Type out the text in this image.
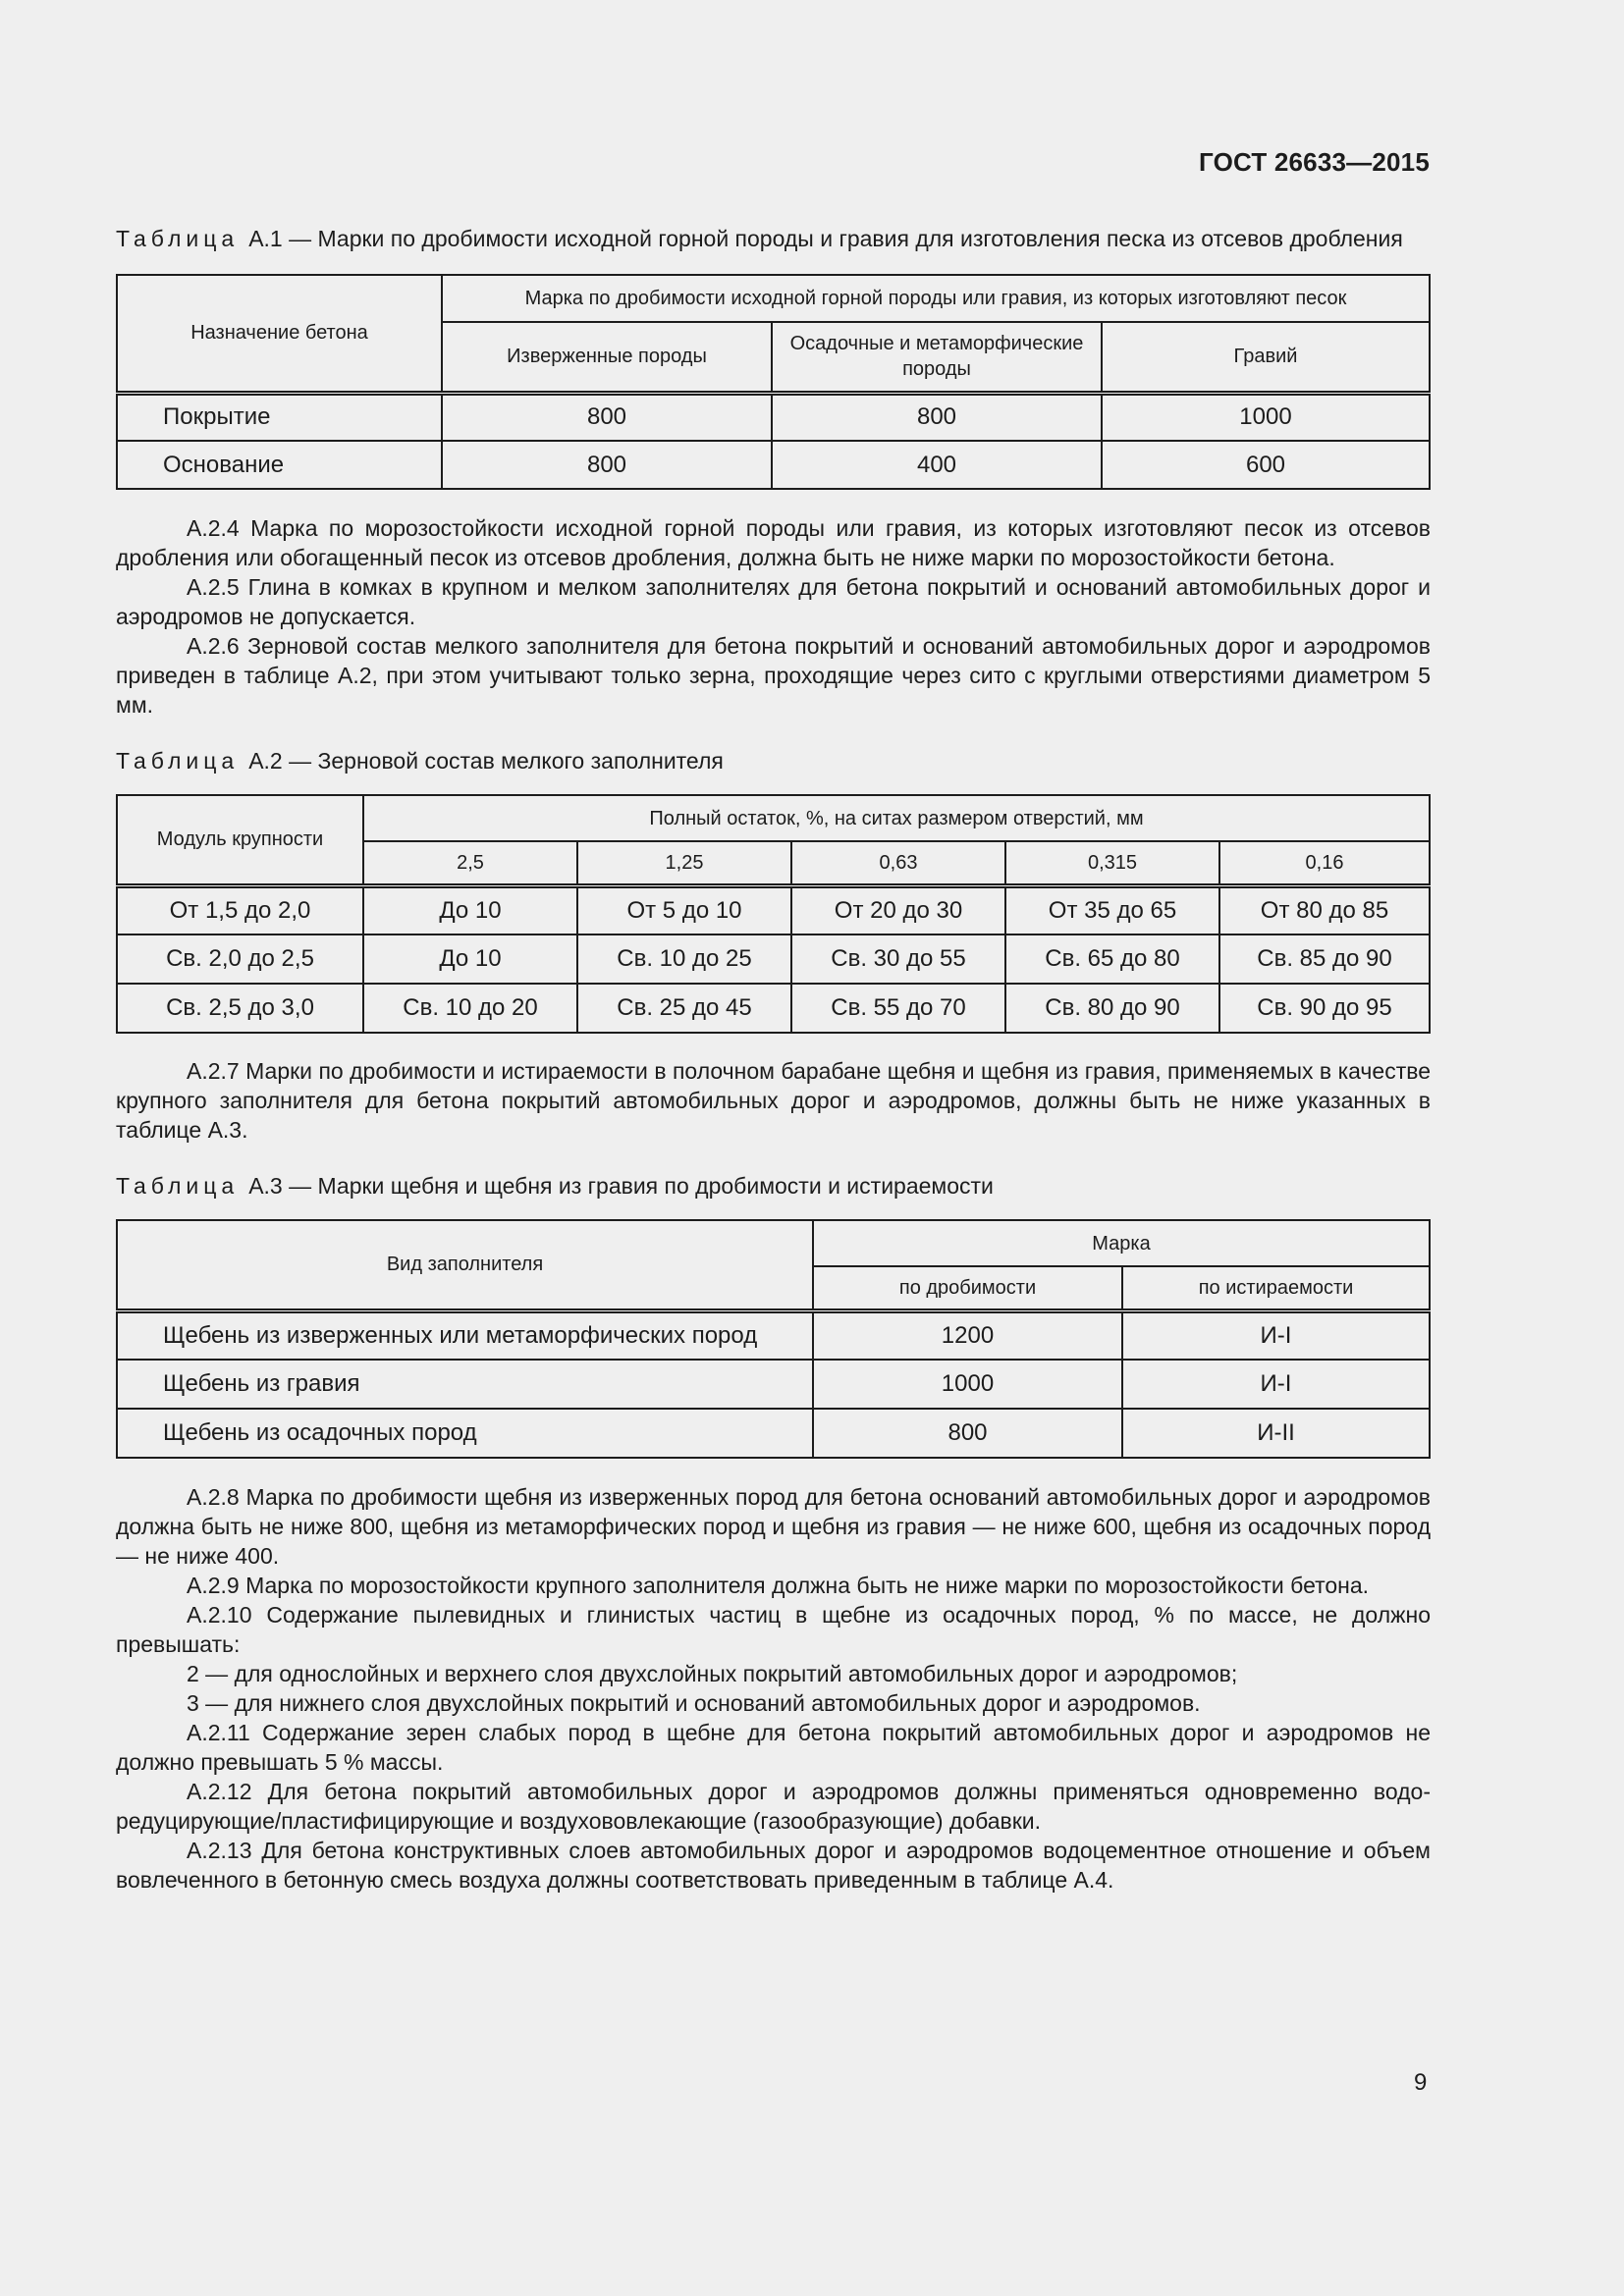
ГОСТ 26633—2015
Таблица А.1 — Марки по дробимости исходной горной породы и гравия для изготовления песка из отсевов дробления
Назначение бетона	Марка по дробимости исходной горной породы или гравия, из которых изготовляют песок		
	Изверженные породы	Осадочные и метаморфические породы	Гравий
Покрытие	800	800	1000
Основание	800	400	600

А.2.4 Марка по морозостойкости исходной горной породы или гравия, из которых изготовляют песок из отсевов дробления или обогащенный песок из отсевов дробления, должна быть не ниже марки по морозостойкости бетона.

А.2.5 Глина в комках в крупном и мелком заполнителях для бетона покрытий и оснований автомобильных дорог и аэродромов не допускается.

А.2.6 Зерновой состав мелкого заполнителя для бетона покрытий и оснований автомобильных дорог и аэродромов приведен в таблице А.2, при этом учитывают только зерна, проходящие через сито с круглыми отверстиями диаметром 5 мм.

Таблица А.2 — Зерновой состав мелкого заполнителя
Модуль крупности	Полный остаток, %, на ситах размером отверстий, мм				
	2,5	1,25	0,63	0,315	0,16
От 1,5 до 2,0	До 10	От 5 до 10	От 20 до 30	От 35 до 65	От 80 до 85
Св. 2,0 до 2,5	До 10	Св. 10 до 25	Св. 30 до 55	Св. 65 до 80	Св. 85 до 90
Св. 2,5 до 3,0	Св. 10 до 20	Св. 25 до 45	Св. 55 до 70	Св. 80 до 90	Св. 90 до 95

А.2.7 Марки по дробимости и истираемости в полочном барабане щебня и щебня из гравия, применяемых в качестве крупного заполнителя для бетона покрытий автомобильных дорог и аэродромов, должны быть не ниже указанных в таблице А.3.

Таблица А.3 — Марки щебня и щебня из гравия по дробимости и истираемости
Вид заполнителя	Марка	
	по дробимости	по истираемости
Щебень из изверженных или метаморфических пород	1200	И-I
Щебень из гравия	1000	И-I
Щебень из осадочных пород	800	И-II

А.2.8 Марка по дробимости щебня из изверженных пород для бетона оснований автомобильных дорог и аэродромов должна быть не ниже 800, щебня из метаморфических пород и щебня из гравия — не ниже 600, щебня из осадочных пород — не ниже 400.

А.2.9 Марка по морозостойкости крупного заполнителя должна быть не ниже марки по морозостойкости бетона.

А.2.10 Содержание пылевидных и глинистых частиц в щебне из осадочных пород, % по массе, не должно превышать:

2 — для однослойных и верхнего слоя двухслойных покрытий автомобильных дорог и аэродромов;

3 — для нижнего слоя двухслойных покрытий и оснований автомобильных дорог и аэродромов.

А.2.11 Содержание зерен слабых пород в щебне для бетона покрытий автомобильных дорог и аэродромов не должно превышать 5 % массы.

А.2.12 Для бетона покрытий автомобильных дорог и аэродромов должны применяться одновременно водоредуцирующие/пластифицирующие и воздухововлекающие (газообразующие) добавки.

А.2.13 Для бетона конструктивных слоев автомобильных дорог и аэродромов водоцементное отношение и объем вовлеченного в бетонную смесь воздуха должны соответствовать приведенным в таблице А.4.

9
